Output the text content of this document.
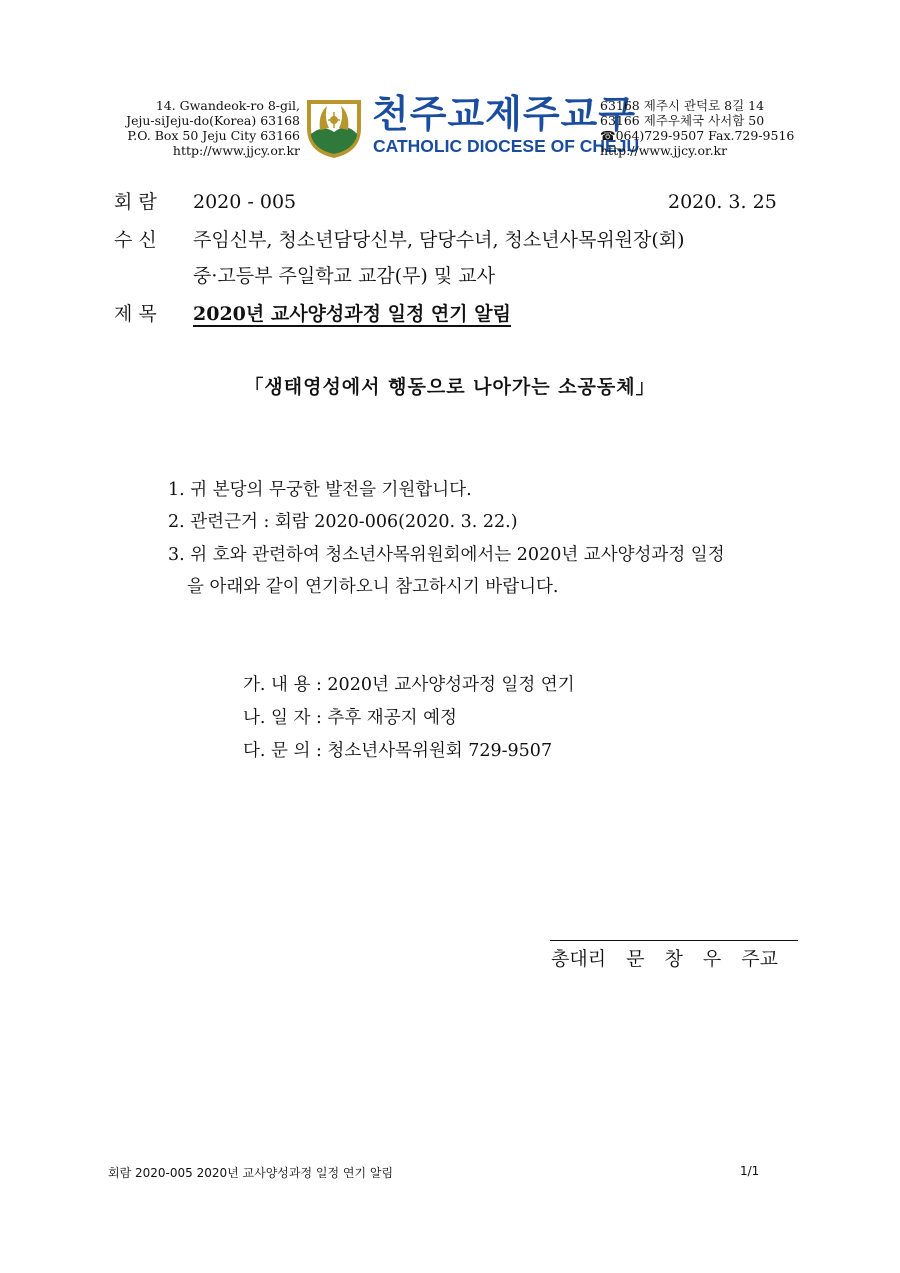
14. Gwandeok-ro 8-gil,
Jeju-siJeju-do(Korea) 63168
P.O. Box 50 Jeju City 63166
http://www.jjcy.or.kr
천주교제주교구
CATHOLIC DIOCESE OF CHEJU
63168 제주시 관덕로 8길 14
63166 제주우체국 사서함 50
☎064)729-9507 Fax.729-9516
http://www.jjcy.or.kr
회 람 2020 - 005	2020. 3. 25
수 신 주임신부, 청소년담당신부, 담당수녀, 청소년사목위원장(회)
중·고등부 주일학교 교감(무) 및 교사
제 목 2020년 교사양성과정 일정 연기 알림
「생태영성에서 행동으로 나아가는 소공동체」
1. 귀 본당의 무궁한 발전을 기원합니다.
2. 관련근거 : 회람 2020-006(2020. 3. 22.)
3. 위 호와 관련하여 청소년사목위원회에서는 2020년 교사양성과정 일정
을 아래와 같이 연기하오니 참고하시기 바랍니다.
가. 내 용 : 2020년 교사양성과정 일정 연기
나. 일 자 : 추후 재공지 예정
다. 문 의 : 청소년사목위원회 729-9507
총대리 문 창 우 주교
회람 2020-005 2020년 교사양성과정 일정 연기 알림	1/1
